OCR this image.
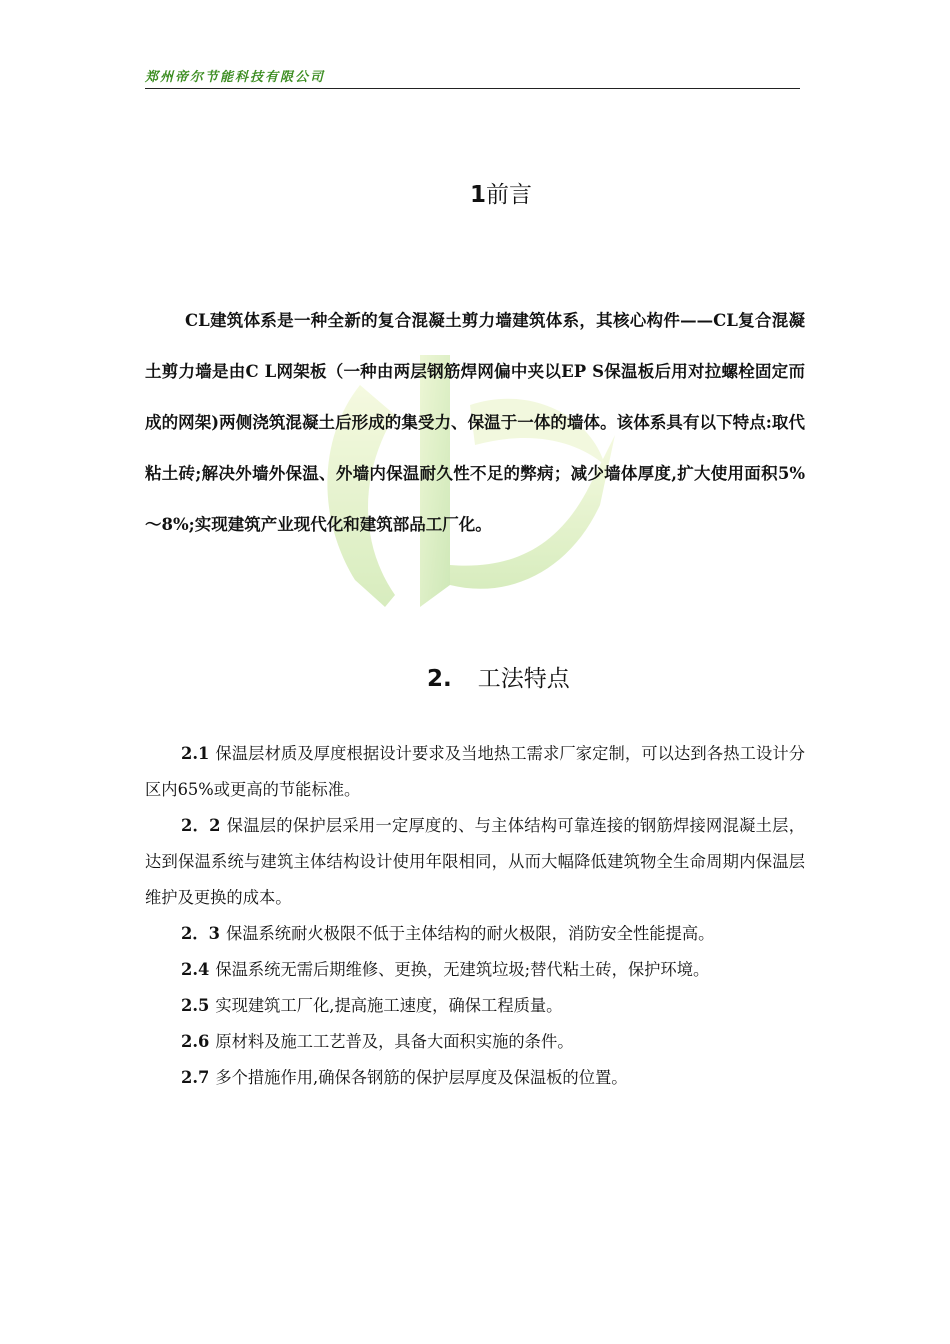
郑州帝尔节能科技有限公司
1前言

CL建筑体系是一种全新的复合混凝土剪力墙建筑体系，其核心构件——CL复合混凝土剪力墙是由C L网架板（一种由两层钢筋焊网偏中夹以EP S保温板后用对拉螺栓固定而成的网架)两侧浇筑混凝土后形成的集受力、保温于一体的墙体。该体系具有以下特点:取代粘土砖;解决外墙外保温、外墙内保温耐久性不足的弊病；减少墙体厚度,扩大使用面积5%～8%;实现建筑产业现代化和建筑部品工厂化。

2. 工法特点

2.1 保温层材质及厚度根据设计要求及当地热工需求厂家定制，可以达到各热工设计分区内65%或更高的节能标准。

2．2 保温层的保护层采用一定厚度的、与主体结构可靠连接的钢筋焊接网混凝土层，达到保温系统与建筑主体结构设计使用年限相同，从而大幅降低建筑物全生命周期内保温层维护及更换的成本。

2．3 保温系统耐火极限不低于主体结构的耐火极限，消防安全性能提高。

2.4 保温系统无需后期维修、更换，无建筑垃圾;替代粘土砖，保护环境。

2.5 实现建筑工厂化,提高施工速度，确保工程质量。

2.6 原材料及施工工艺普及，具备大面积实施的条件。

2.7 多个措施作用,确保各钢筋的保护层厚度及保温板的位置。
